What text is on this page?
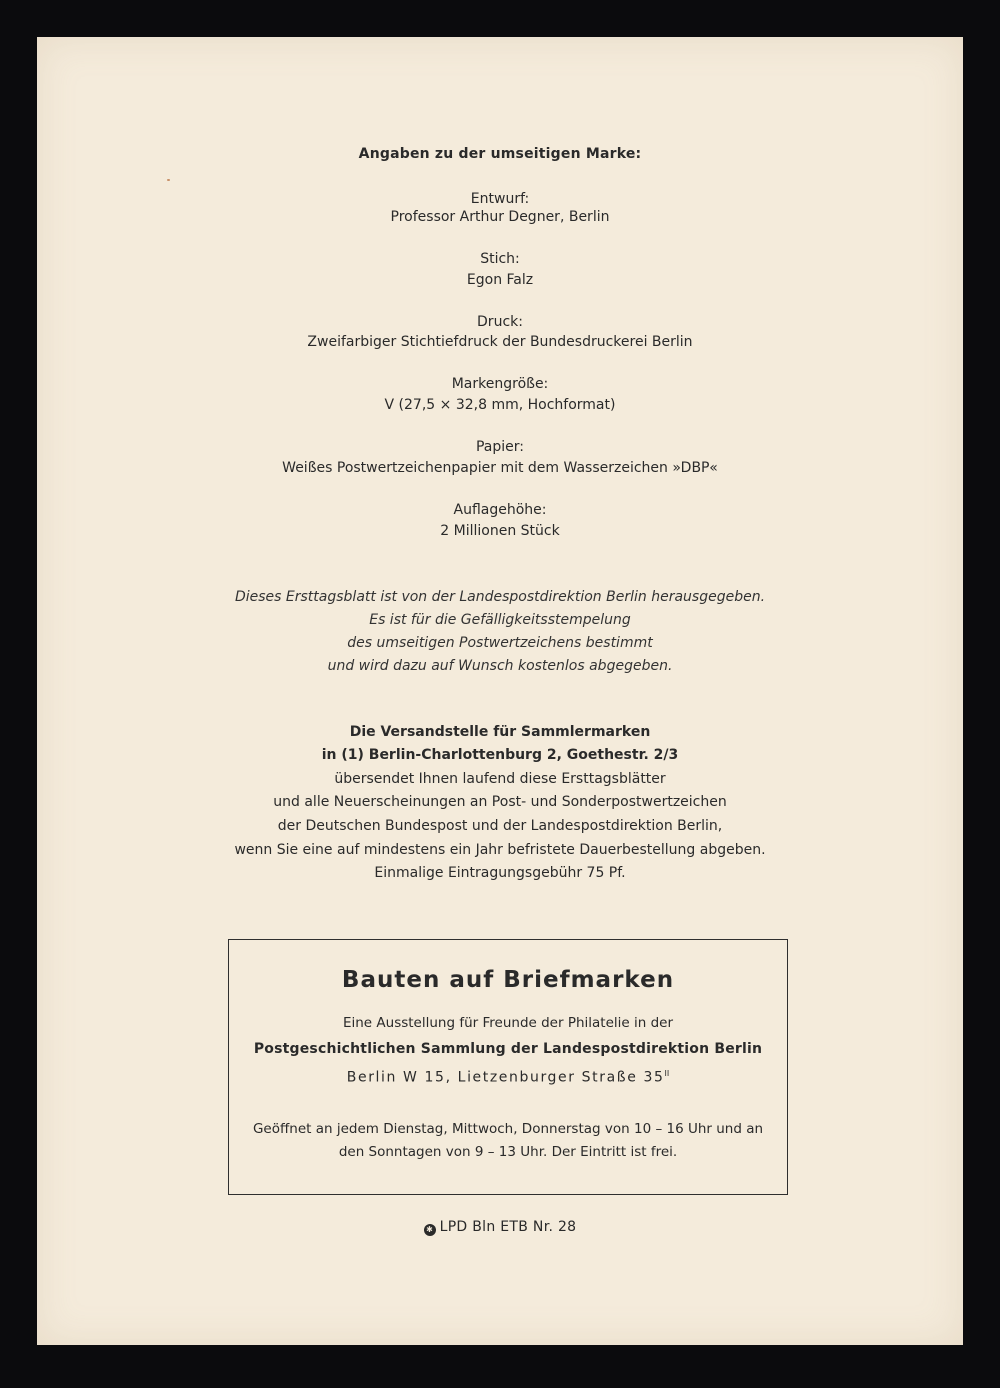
Angaben zu der umseitigen Marke:

Entwurf:

Professor Arthur Degner, Berlin

Stich:

Egon Falz

Druck:

Zweifarbiger Stichtiefdruck der Bundesdruckerei Berlin

Markengröße:

V (27,5 × 32,8 mm, Hochformat)

Papier:

Weißes Postwertzeichenpapier mit dem Wasserzeichen »DBP«

Auflagehöhe:

2 Millionen Stück

Dieses Ersttagsblatt ist von der Landespostdirektion Berlin herausgegeben.

Es ist für die Gefälligkeitsstempelung

des umseitigen Postwertzeichens bestimmt

und wird dazu auf Wunsch kostenlos abgegeben.

Die Versandstelle für Sammlermarken

in (1) Berlin-Charlottenburg 2, Goethestr. 2/3

übersendet Ihnen laufend diese Ersttagsblätter

und alle Neuerscheinungen an Post- und Sonderpostwertzeichen

der Deutschen Bundespost und der Landespostdirektion Berlin,

wenn Sie eine auf mindestens ein Jahr befristete Dauerbestellung abgeben.

Einmalige Eintragungsgebühr 75 Pf.

Bauten auf Briefmarken

Eine Ausstellung für Freunde der Philatelie in der

Postgeschichtlichen Sammlung der Landespostdirektion Berlin

Berlin W 15, Lietzenburger Straße $35^{II}$

Geöffnet an jedem Dienstag, Mittwoch, Donnerstag von 10 – 16 Uhr und an

den Sonntagen von 9 – 13 Uhr. Der Eintritt ist frei.

✱ LPD Bln ETB Nr. 28
